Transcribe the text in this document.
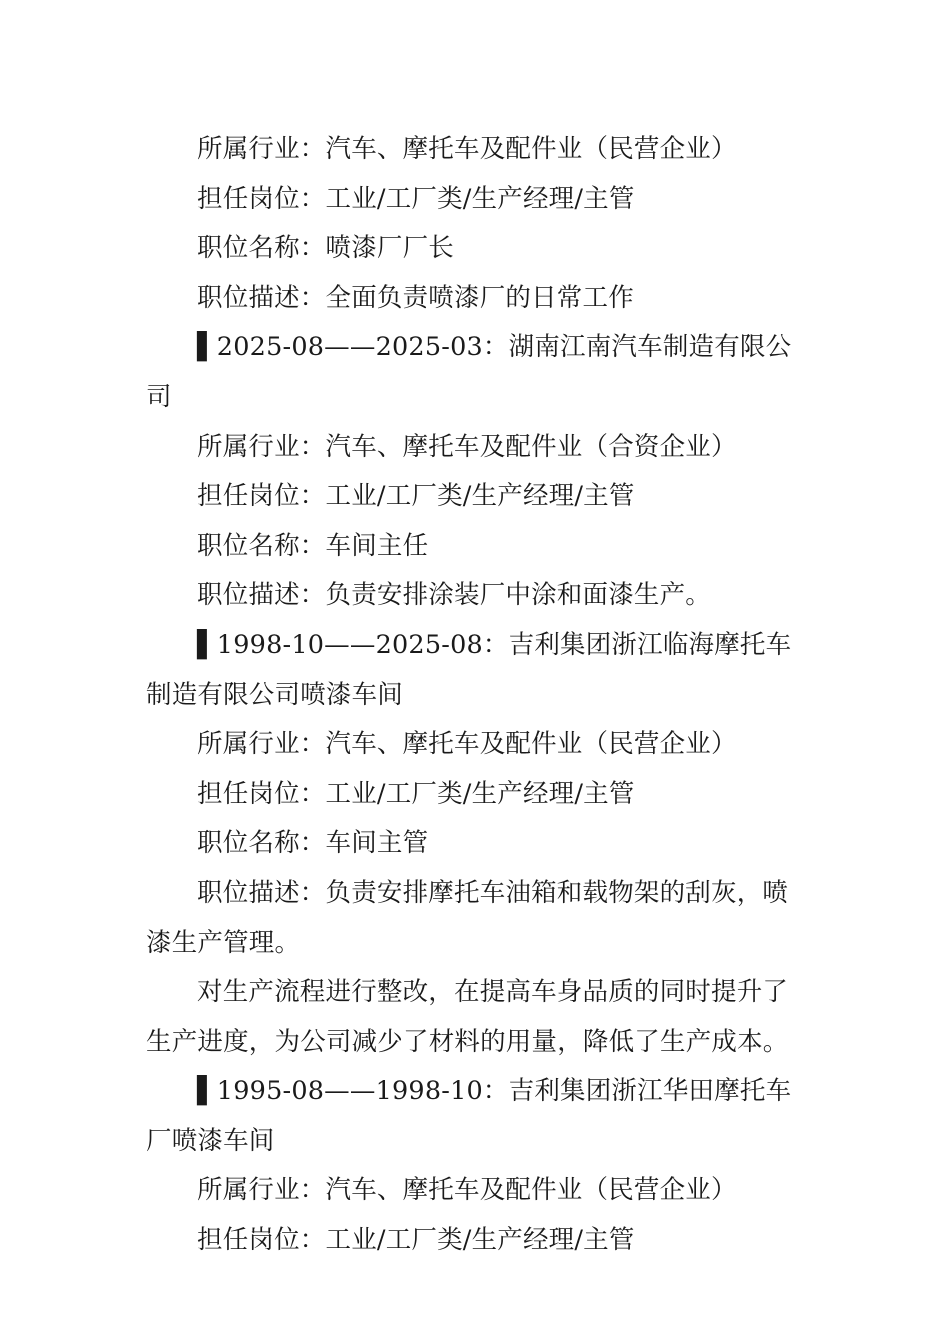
所属行业：汽车、摩托车及配件业（民营企业）

担任岗位：工业/工厂类/生产经理/主管

职位名称：喷漆厂厂长

职位描述：全面负责喷漆厂的日常工作

▌2025-08——2025-03：湖南江南汽车制造有限公司

所属行业：汽车、摩托车及配件业（合资企业）

担任岗位：工业/工厂类/生产经理/主管

职位名称：车间主任

职位描述：负责安排涂装厂中涂和面漆生产。

▌1998-10——2025-08：吉利集团浙江临海摩托车制造有限公司喷漆车间

所属行业：汽车、摩托车及配件业（民营企业）

担任岗位：工业/工厂类/生产经理/主管

职位名称：车间主管

职位描述：负责安排摩托车油箱和载物架的刮灰，喷漆生产管理。

对生产流程进行整改，在提高车身品质的同时提升了生产进度，为公司减少了材料的用量，降低了生产成本。

▌1995-08——1998-10：吉利集团浙江华田摩托车厂喷漆车间

所属行业：汽车、摩托车及配件业（民营企业）

担任岗位：工业/工厂类/生产经理/主管
